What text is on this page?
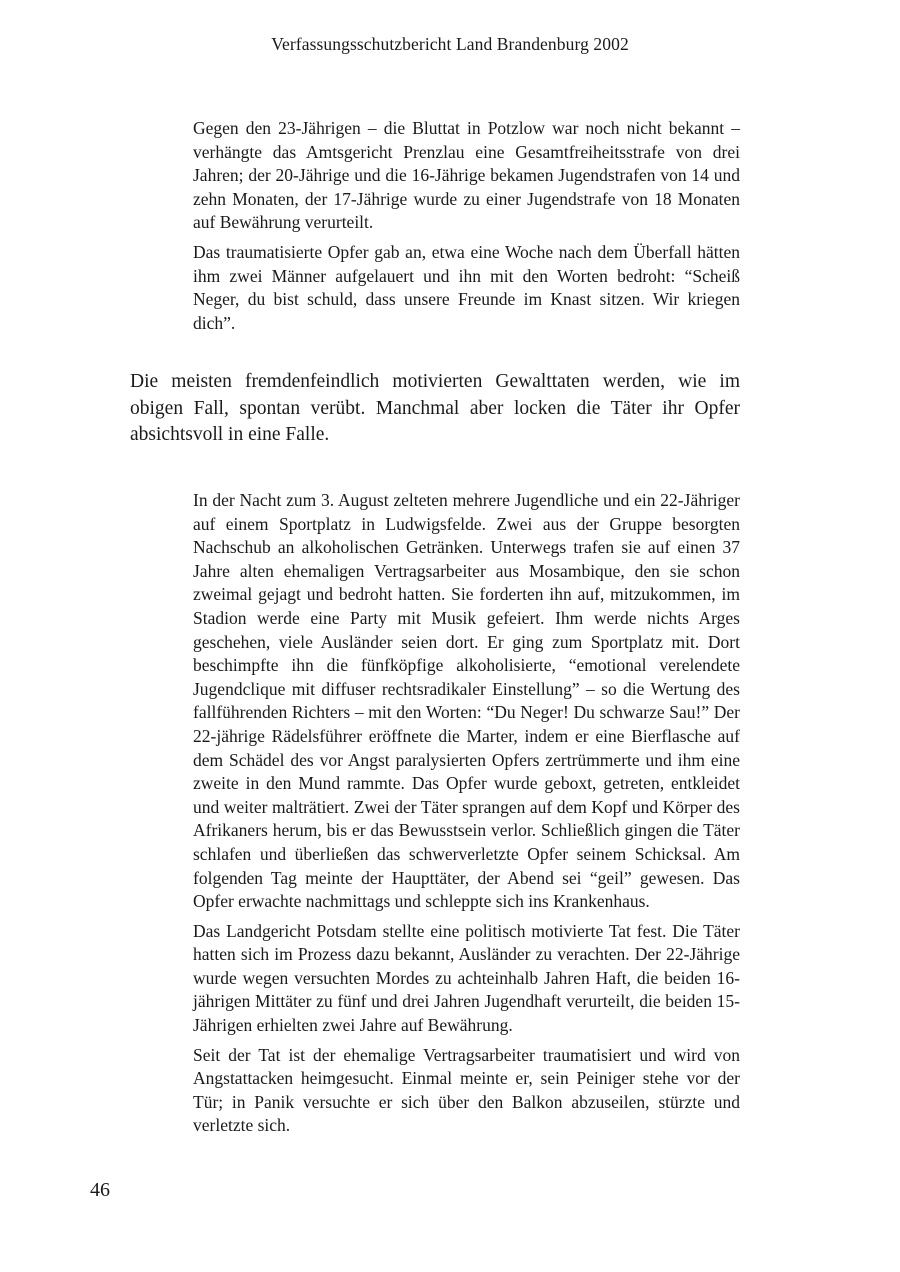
Verfassungsschutzbericht Land Brandenburg 2002

Gegen den 23-Jährigen – die Bluttat in Potzlow war noch nicht bekannt – verhängte das Amtsgericht Prenzlau eine Gesamtfreiheitsstrafe von drei Jahren; der 20-Jährige und die 16-Jährige bekamen Jugendstrafen von 14 und zehn Monaten, der 17-Jährige wurde zu einer Jugendstrafe von 18 Monaten auf Bewährung verurteilt.

Das traumatisierte Opfer gab an, etwa eine Woche nach dem Überfall hätten ihm zwei Männer aufgelauert und ihn mit den Worten bedroht: “Scheiß Neger, du bist schuld, dass unsere Freunde im Knast sitzen. Wir kriegen dich”.

Die meisten fremdenfeindlich motivierten Gewalttaten werden, wie im obigen Fall, spontan verübt. Manchmal aber locken die Täter ihr Opfer absichtsvoll in eine Falle.

In der Nacht zum 3. August zelteten mehrere Jugendliche und ein 22-Jähriger auf einem Sportplatz in Ludwigsfelde. Zwei aus der Gruppe besorgten Nachschub an alkoholischen Getränken. Unterwegs trafen sie auf einen 37 Jahre alten ehemaligen Vertragsarbeiter aus Mosambique, den sie schon zweimal gejagt und bedroht hatten. Sie forderten ihn auf, mitzukommen, im Stadion werde eine Party mit Musik gefeiert. Ihm werde nichts Arges geschehen, viele Ausländer seien dort. Er ging zum Sportplatz mit. Dort beschimpfte ihn die fünfköpfige alkoholisierte, “emotional verelendete Jugendclique mit diffuser rechtsradikaler Einstellung” – so die Wertung des fallführenden Richters – mit den Worten: “Du Neger! Du schwarze Sau!” Der 22-jährige Rädelsführer eröffnete die Marter, indem er eine Bierflasche auf dem Schädel des vor Angst paralysierten Opfers zertrümmerte und ihm eine zweite in den Mund rammte. Das Opfer wurde geboxt, getreten, entkleidet und weiter malträtiert. Zwei der Täter sprangen auf dem Kopf und Körper des Afrikaners herum, bis er das Bewusstsein verlor. Schließlich gingen die Täter schlafen und überließen das schwerverletzte Opfer seinem Schicksal. Am folgenden Tag meinte der Haupttäter, der Abend sei “geil” gewesen. Das Opfer erwachte nachmittags und schleppte sich ins Krankenhaus.

Das Landgericht Potsdam stellte eine politisch motivierte Tat fest. Die Täter hatten sich im Prozess dazu bekannt, Ausländer zu verachten. Der 22-Jährige wurde wegen versuchten Mordes zu achteinhalb Jahren Haft, die beiden 16-jährigen Mittäter zu fünf und drei Jahren Jugendhaft verurteilt, die beiden 15-Jährigen erhielten zwei Jahre auf Bewährung.

Seit der Tat ist der ehemalige Vertragsarbeiter traumatisiert und wird von Angstattacken heimgesucht. Einmal meinte er, sein Peiniger stehe vor der Tür; in Panik versuchte er sich über den Balkon abzuseilen, stürzte und verletzte sich.

46
